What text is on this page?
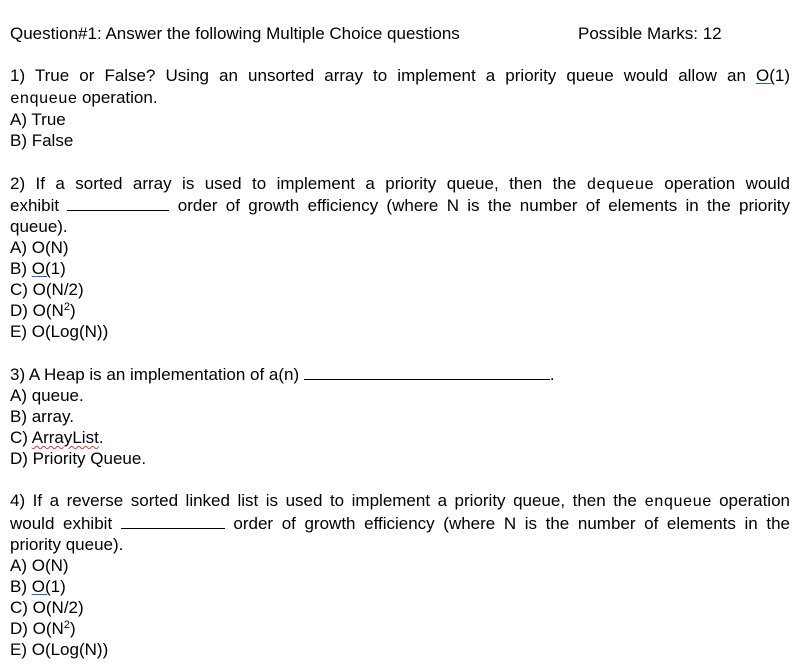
Question#1: Answer the following Multiple Choice questions	Possible Marks: 12
1) True or False? Using an unsorted array to implement a priority queue would allow an O(1)
enqueue operation.
A) True
B) False
2) If a sorted array is used to implement a priority queue, then the dequeue operation would
exhibit	order of growth efficiency (where N is the number of elements in the priority
queue).
A) O(N)
B) O(1)
C) O(N/2)
D) $O(N^2)$
E) O(Log(N))
3) A Heap is an implementation of a(n)	.
A) queue.
B) array.
C) ArrayList.
D) Priority Queue.
4) If a reverse sorted linked list is used to implement a priority queue, then the enqueue operation
would exhibit	order of growth efficiency (where N is the number of elements in the
priority queue).
A) O(N)
B) O(1)
C) O(N/2)
D) $O(N^2)$
E) O(Log(N))
